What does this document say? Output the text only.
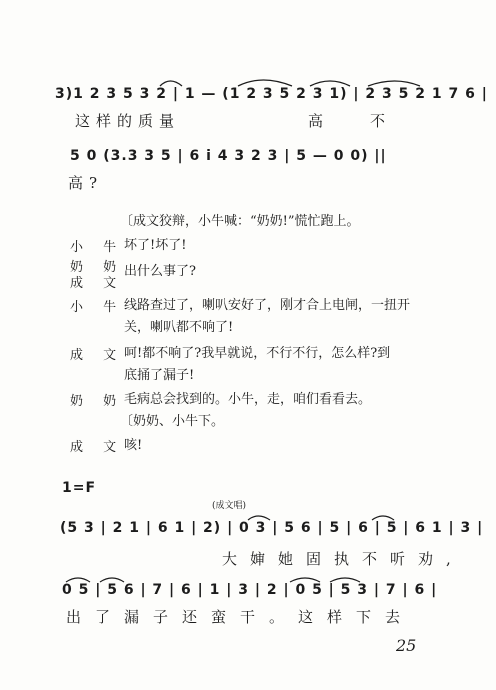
3)1 2 3 5 3 2 | 1 — (1 2 3 5 2 3 1) | 2 3 5 2 1 7 6 |
这样的质量	高	不
5 0 (3.3 3 5 | 6 i 4 3 2 3 | 5 — 0 0) ||
高?
〔成文狡辩，小牛喊：“奶奶!”慌忙跑上。
小 牛 坏了!坏了!
奶 奶
成 文
出什么事了?
小 牛 线路查过了，喇叭安好了，刚才合上电闸，一扭开
关，喇叭都不响了!
成 文 呵!都不响了?我早就说，不行不行，怎么样?到
底捅了漏子!
奶 奶 毛病总会找到的。小牛，走，咱们看看去。
〔奶奶、小牛下。
成 文 咳!
1=F
(成文唱)
(5 3 | 2 1 | 6 1 | 2) | 0 3 | 5 6 | 5 | 6 | 5 | 6 1 | 3 |
大婶她固执不听劝,
0 5 | 5 6 | 7 | 6 | 1 | 3 | 2 | 0 5 | 5 3 | 7 | 6 |
出了漏子还蛮干。这样下去
25
